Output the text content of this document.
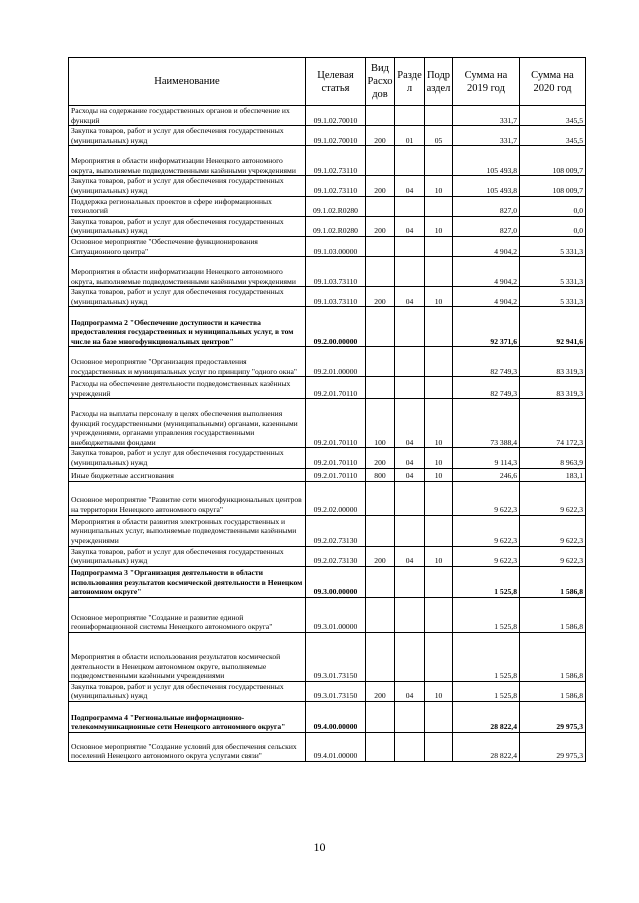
Наименование	Целевая статья	Вид Расхо дов	Разде л	Подр аздел	Сумма на 2019 год	Сумма на 2020 год
Расходы на содержание государственных органов и обеспечение их функций	09.1.02.70010				331,7	345,5
Закупка товаров, работ и услуг для обеспечения государственных (муниципальных) нужд	09.1.02.70010	200	01	05	331,7	345,5
Мероприятия в области информатизации Ненецкого автономного округа, выполняемые подведомственными казёнными учреждениями	09.1.02.73110				105 493,8	108 009,7
Закупка товаров, работ и услуг для обеспечения государственных (муниципальных) нужд	09.1.02.73110	200	04	10	105 493,8	108 009,7
Поддержка региональных проектов в сфере информационных технологий	09.1.02.R0280				827,0	0,0
Закупка товаров, работ и услуг для обеспечения государственных (муниципальных) нужд	09.1.02.R0280	200	04	10	827,0	0,0
Основное мероприятие "Обеспечение функционирования Ситуационного центра"	09.1.03.00000				4 904,2	5 331,3
Мероприятия в области информатизации Ненецкого автономного округа, выполняемые подведомственными казёнными учреждениями	09.1.03.73110				4 904,2	5 331,3
Закупка товаров, работ и услуг для обеспечения государственных (муниципальных) нужд	09.1.03.73110	200	04	10	4 904,2	5 331,3
Подпрограмма 2 "Обеспечение доступности и качества предоставления государственных и муниципальных услуг, в том числе на базе многофункциональных центров"	09.2.00.00000				92 371,6	92 941,6
Основное мероприятие "Организация предоставления государственных и муниципальных услуг по принципу "одного окна"	09.2.01.00000				82 749,3	83 319,3
Расходы на обеспечение деятельности подведомственных казённых учреждений	09.2.01.70110				82 749,3	83 319,3
Расходы на выплаты персоналу в целях обеспечения выполнения функций государственными (муниципальными) органами, казенными учреждениями, органами управления государственными внебюджетными фондами	09.2.01.70110	100	04	10	73 388,4	74 172,3
Закупка товаров, работ и услуг для обеспечения государственных (муниципальных) нужд	09.2.01.70110	200	04	10	9 114,3	8 963,9
Иные бюджетные ассигнования	09.2.01.70110	800	04	10	246,6	183,1
Основное мероприятие "Развитие сети многофункциональных центров на территории Ненецкого автономного округа"	09.2.02.00000				9 622,3	9 622,3
Мероприятия в области развития электронных государственных и муниципальных услуг, выполняемые подведомственными казёнными учреждениями	09.2.02.73130				9 622,3	9 622,3
Закупка товаров, работ и услуг для обеспечения государственных (муниципальных) нужд	09.2.02.73130	200	04	10	9 622,3	9 622,3
Подпрограмма 3 "Организация деятельности в области использования результатов космической деятельности в Ненецком автономном округе"	09.3.00.00000				1 525,8	1 586,8
Основное мероприятие "Создание и развитие единой геоинформационной системы Ненецкого автономного округа"	09.3.01.00000				1 525,8	1 586,8
Мероприятия в области использования результатов космической деятельности в Ненецком автономном округе, выполняемые подведомственными казёнными учреждениями	09.3.01.73150				1 525,8	1 586,8
Закупка товаров, работ и услуг для обеспечения государственных (муниципальных) нужд	09.3.01.73150	200	04	10	1 525,8	1 586,8
Подпрограмма 4 "Региональные информационно-телекоммуникационные сети Ненецкого автономного округа"	09.4.00.00000				28 822,4	29 975,3
Основное мероприятие "Создание условий для обеспечения сельских поселений Ненецкого автономного округа услугами связи"	09.4.01.00000				28 822,4	29 975,3
10
